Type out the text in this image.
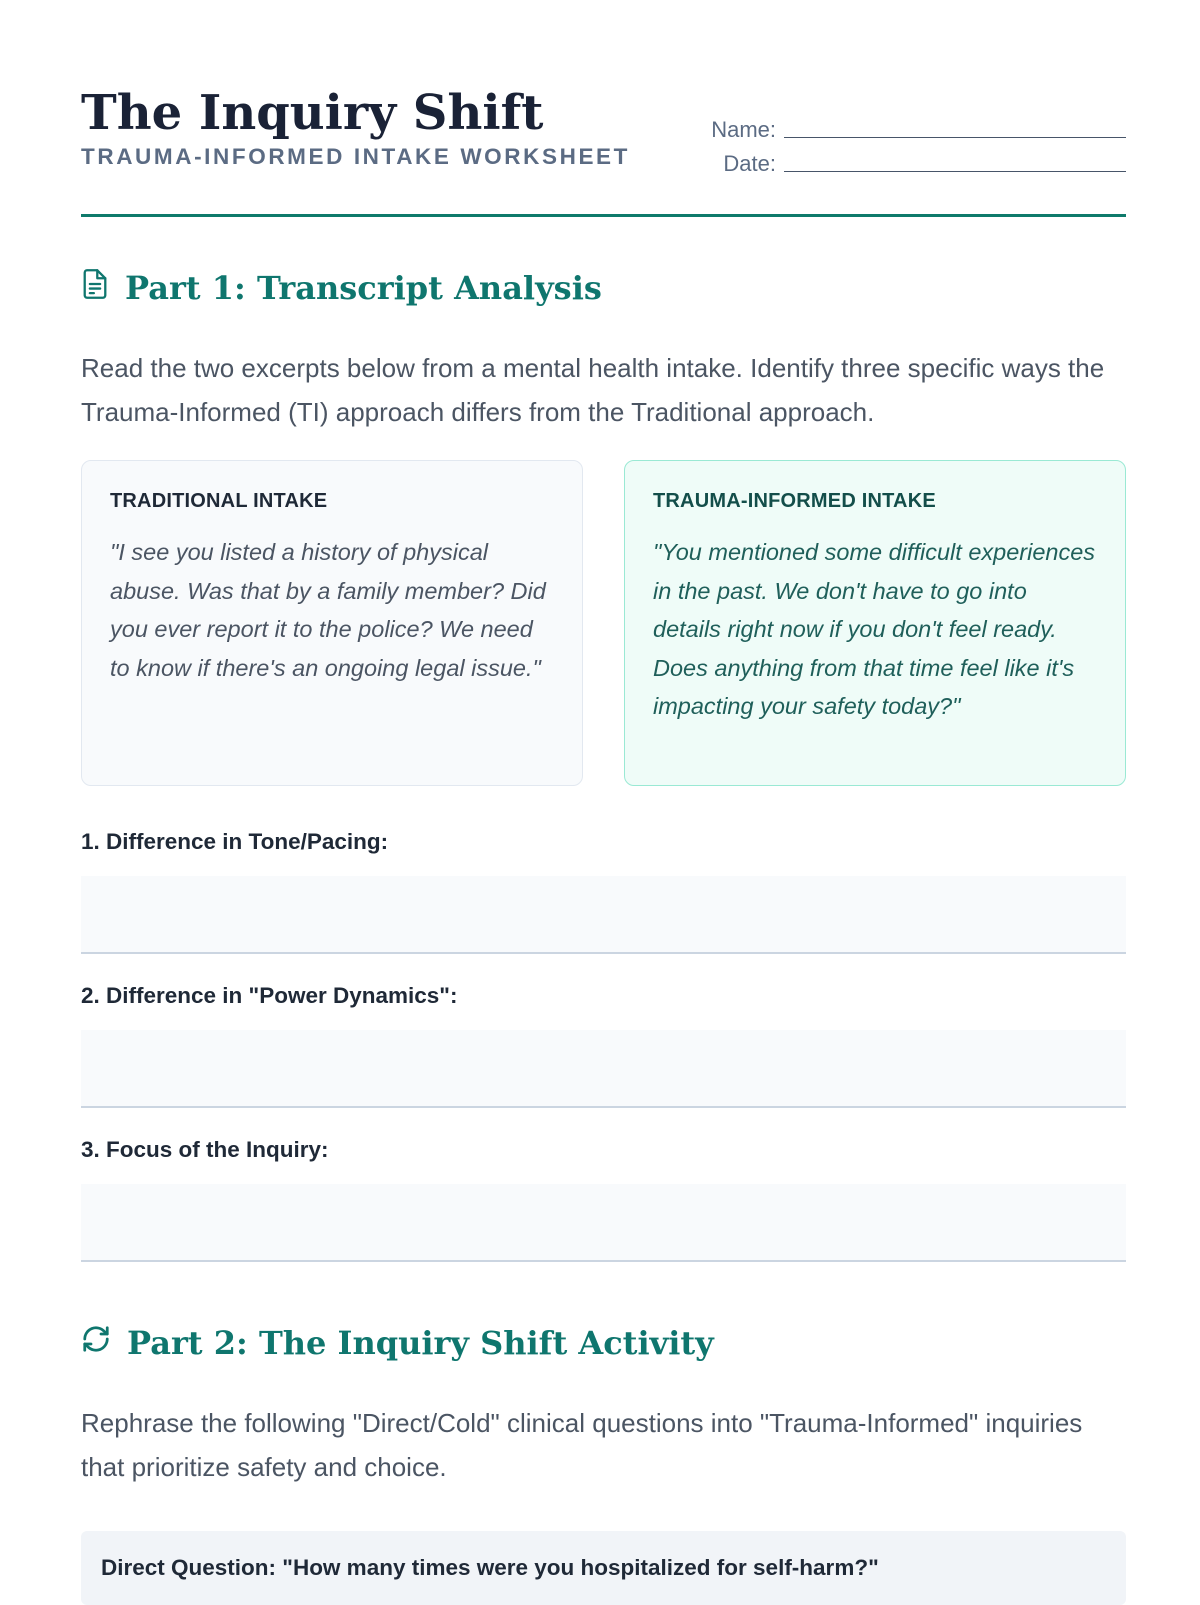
The Inquiry Shift
TRAUMA-INFORMED INTAKE WORKSHEET
Name:
Date:
Part 1: Transcript Analysis

Read the two excerpts below from a mental health intake. Identify three specific ways the Trauma-Informed (TI) approach differs from the Traditional approach.

TRADITIONAL INTAKE
"I see you listed a history of physical abuse. Was that by a family member? Did you ever report it to the police? We need to know if there's an ongoing legal issue."
TRAUMA-INFORMED INTAKE
"You mentioned some difficult experiences in the past. We don't have to go into details right now if you don't feel ready. Does anything from that time feel like it's impacting your safety today?"
1. Difference in Tone/Pacing:
2. Difference in "Power Dynamics":
3. Focus of the Inquiry:
Part 2: The Inquiry Shift Activity

Rephrase the following "Direct/Cold" clinical questions into "Trauma-Informed" inquiries that prioritize safety and choice.

Direct Question: "How many times were you hospitalized for self-harm?"
